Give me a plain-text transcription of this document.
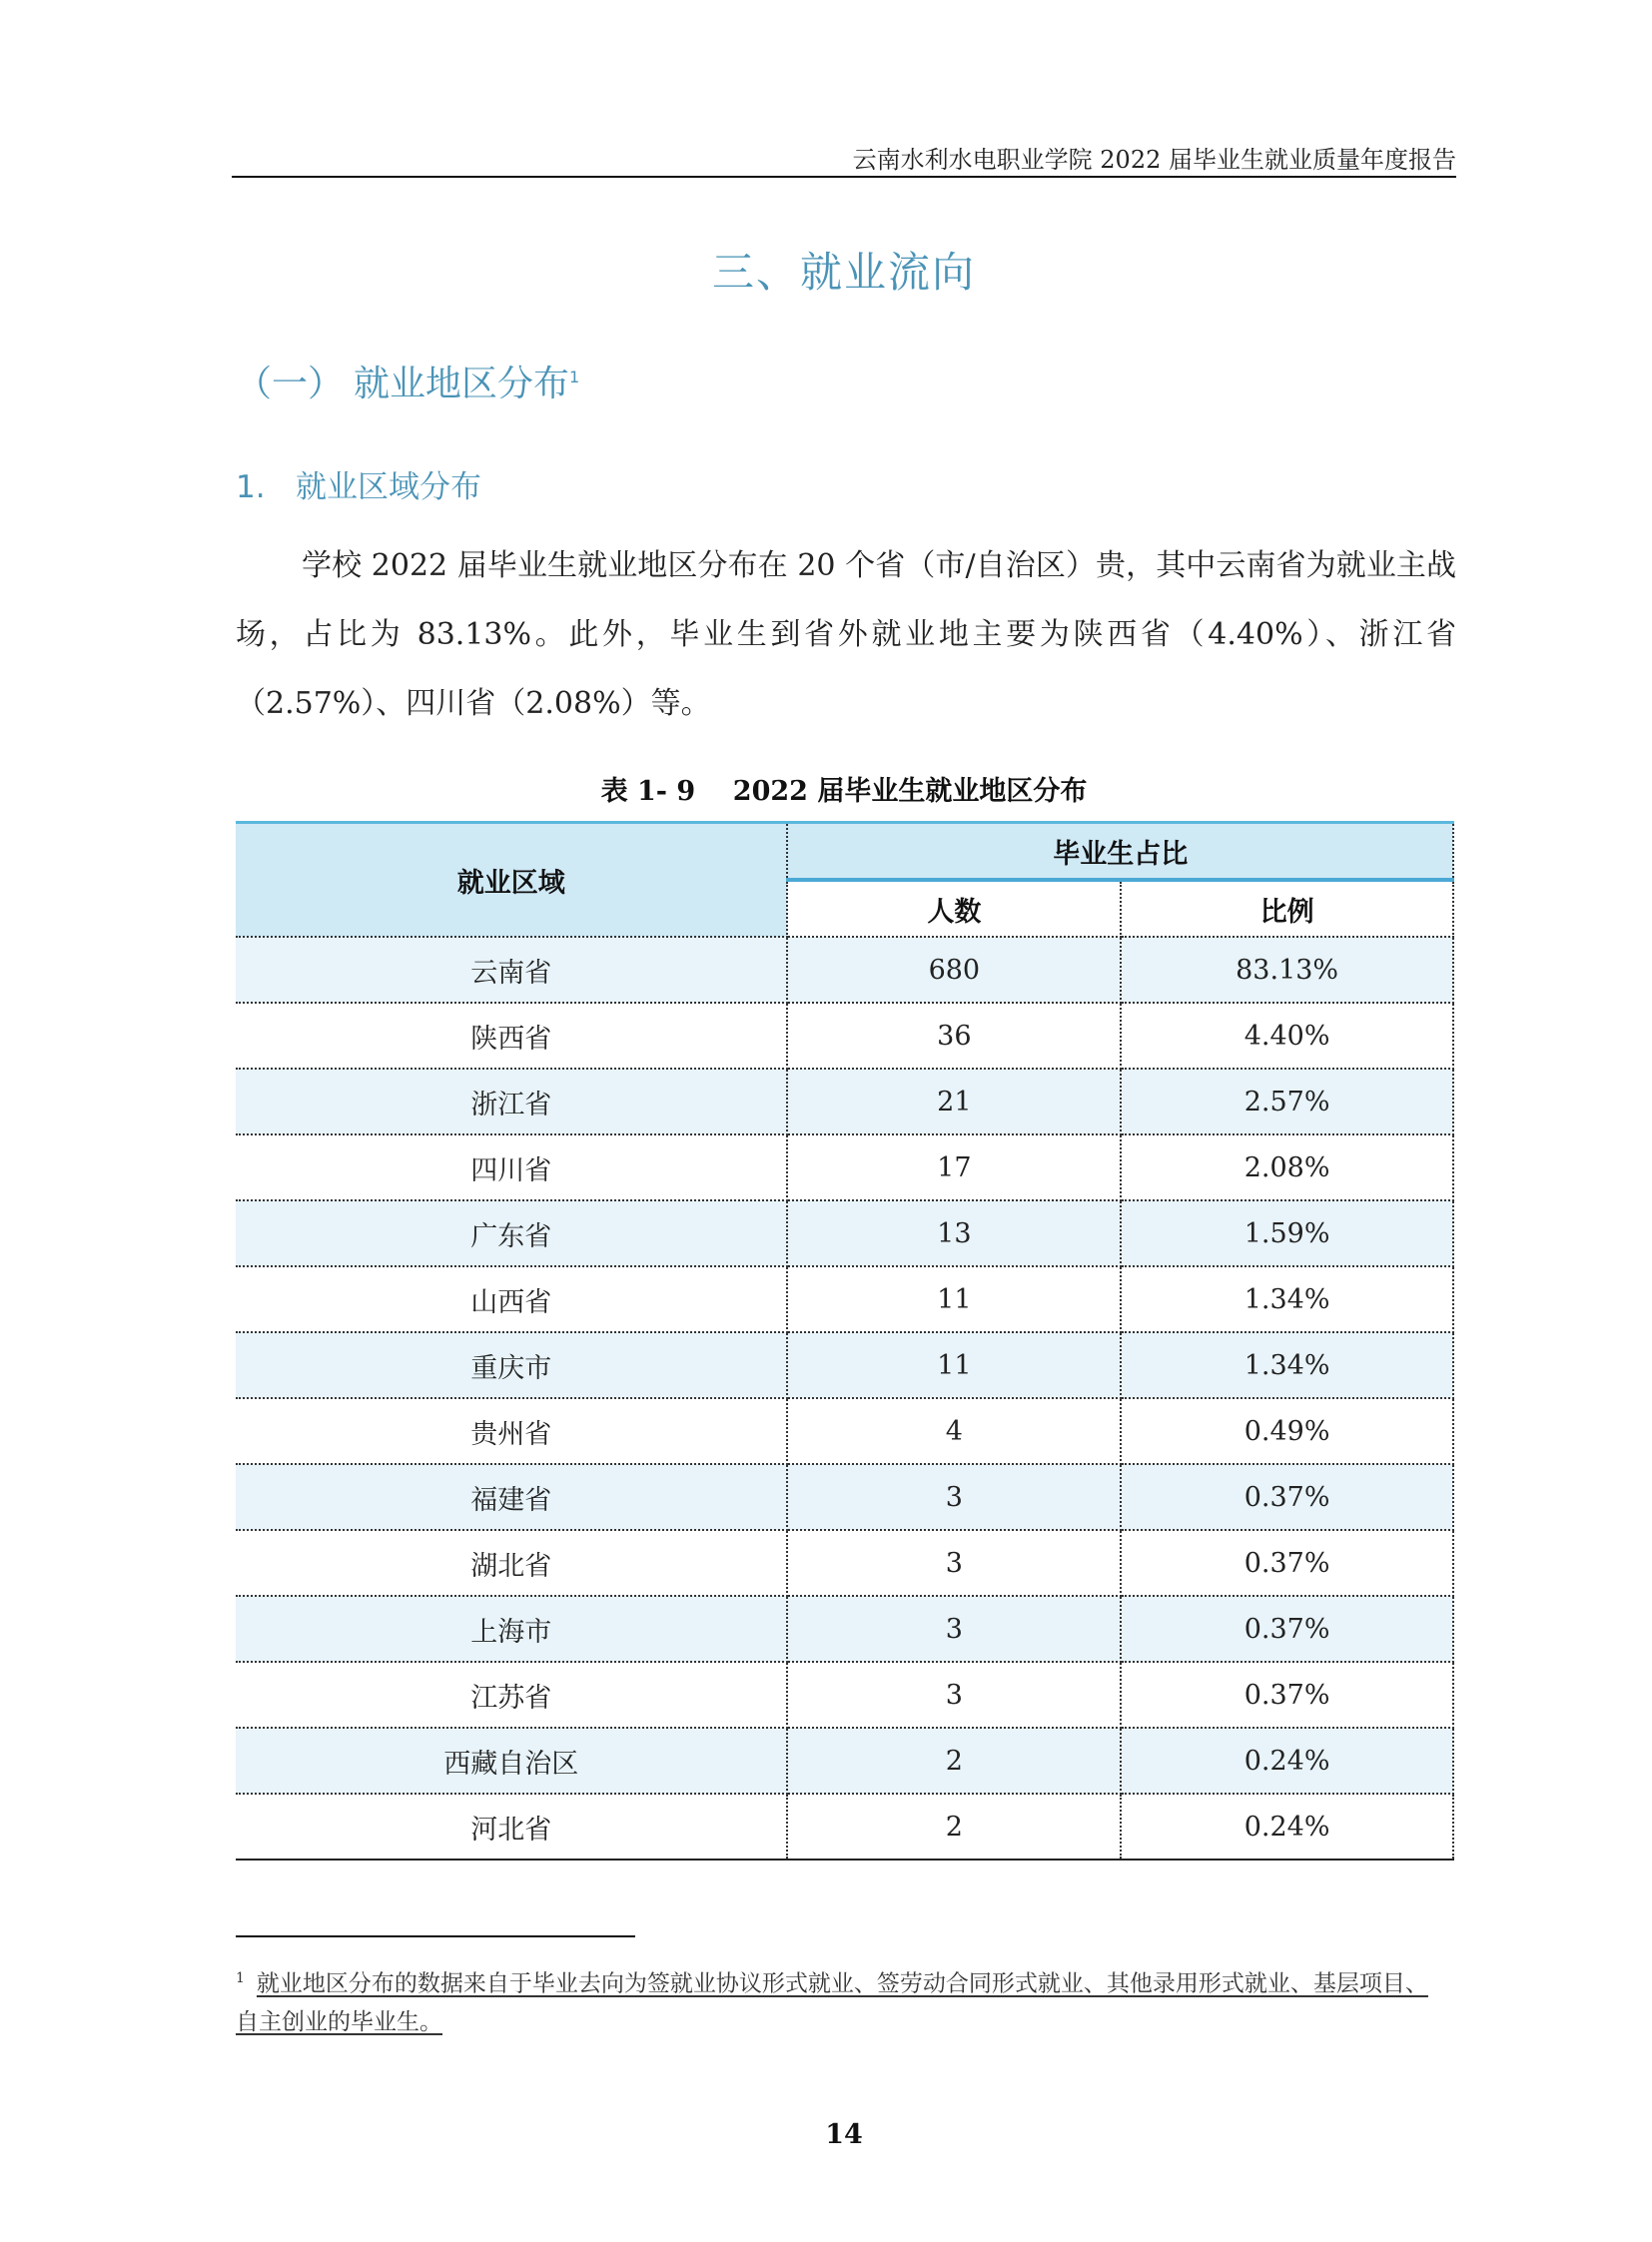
云南水利水电职业学院 2022 届毕业生就业质量年度报告
三、就业流向
（一） 就业地区分布$^1$
1. 就业区域分布

学校 2022 届毕业生就业地区分布在 20 个省（市/自治区）贵，其中云南省为就业主战场，占比为 83.13%。此外，毕业生到省外就业地主要为陕西省（4.40%）、浙江省（2.57%）、四川省（2.08%）等。

表 1- 9    2022 届毕业生就业地区分布
就业区域	毕业生占比	
	人数	比例
云南省	680	83.13%
陕西省	36	4.40%
浙江省	21	2.57%
四川省	17	2.08%
广东省	13	1.59%
山西省	11	1.34%
重庆市	11	1.34%
贵州省	4	0.49%
福建省	3	0.37%
湖北省	3	0.37%
上海市	3	0.37%
江苏省	3	0.37%
西藏自治区	2	0.24%
河北省	2	0.24%
$^1$ 就业地区分布的数据来自于毕业去向为签就业协议形式就业、签劳动合同形式就业、其他录用形式就业、基层项目、自主创业的毕业生。
14
